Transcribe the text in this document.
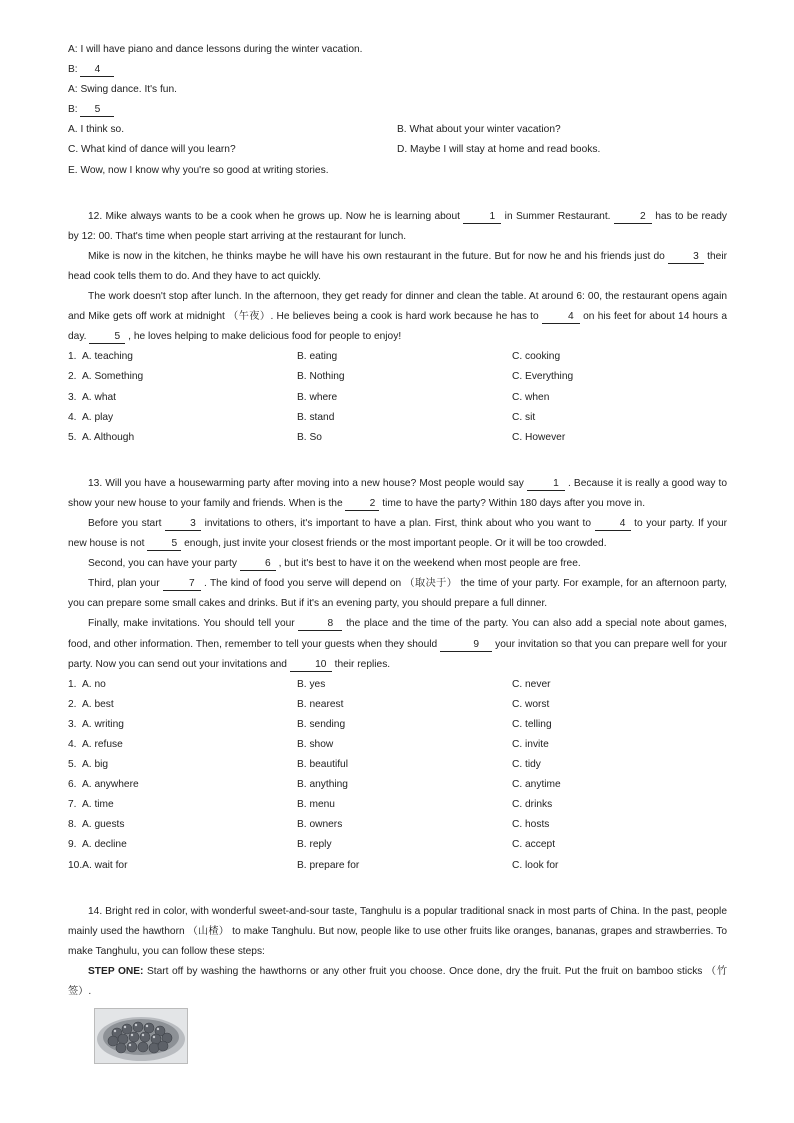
A: I will have piano and dance lessons during the winter vacation.
B: 4
A: Swing dance. It's fun.
B: 5
A. I think so.	B. What about your winter vacation?
C. What kind of dance will you learn?	D. Maybe I will stay at home and read books.
E. Wow, now I know why you're so good at writing stories.

12. Mike always wants to be a cook when he grows up. Now he is learning about	1 in Summer Restaurant.	2 has to be ready by 12: 00. That's time when people start arriving at the restaurant for lunch.

Mike is now in the kitchen, he thinks maybe he will have his own restaurant in the future. But for now he and his friends just do 3 their head cook tells them to do. And they have to act quickly.

The work doesn't stop after lunch. In the afternoon, they get ready for dinner and clean the table. At around 6: 00, the restaurant opens again and Mike gets off work at midnight （午夜）. He believes being a cook is hard work because he has to	4 on his feet for about 14 hours a day. 5 , he loves helping to make delicious food for people to enjoy!

1. A. teaching	B. eating	C. cooking
2. A. Something	B. Nothing	C. Everything
3. A. what	B. where	C. when
4. A. play	B. stand	C. sit
5. A. Although	B. So	C. However

13. Will you have a housewarming party after moving into a new house? Most people would say	1 . Because it is really a good way to show your new house to your family and friends. When is the 2 time to have the party? Within 180 days after you move in.

Before you start 3 invitations to others, it's important to have a plan. First, think about who you want to 4 to your party. If your new house is not 5 enough, just invite your closest friends or the most important people. Or it will be too crowded.

Second, you can have your party 6 , but it's best to have it on the weekend when most people are free.

Third, plan your	7 . The kind of food you serve will depend on （取决于） the time of your party. For example, for an afternoon party, you can prepare some small cakes and drinks. But if it's an evening party, you should prepare a full dinner.

Finally, make invitations. You should tell your	8 the place and the time of the party. You can also add a special note about games, food, and other information. Then, remember to tell your guests when they should	9 your invitation so that you can prepare well for your party. Now you can send out your invitations and 10 their replies.

1. A. no	B. yes	C. never
2. A. best	B. nearest	C. worst
3. A. writing	B. sending	C. telling
4. A. refuse	B. show	C. invite
5. A. big	B. beautiful	C. tidy
6. A. anywhere	B. anything	C. anytime
7. A. time	B. menu	C. drinks
8. A. guests	B. owners	C. hosts
9. A. decline	B. reply	C. accept
10.A. wait for	B. prepare for	C. look for

14. Bright red in color, with wonderful sweet-and-sour taste, Tanghulu is a popular traditional snack in most parts of China. In the past, people mainly used the hawthorn （山楂） to make Tanghulu. But now, people like to use other fruits like oranges, bananas, grapes and strawberries. To make Tanghulu, you can follow these steps:

STEP ONE: Start off by washing the hawthorns or any other fruit you choose. Once done, dry the fruit. Put the fruit on bamboo sticks （竹签）.
